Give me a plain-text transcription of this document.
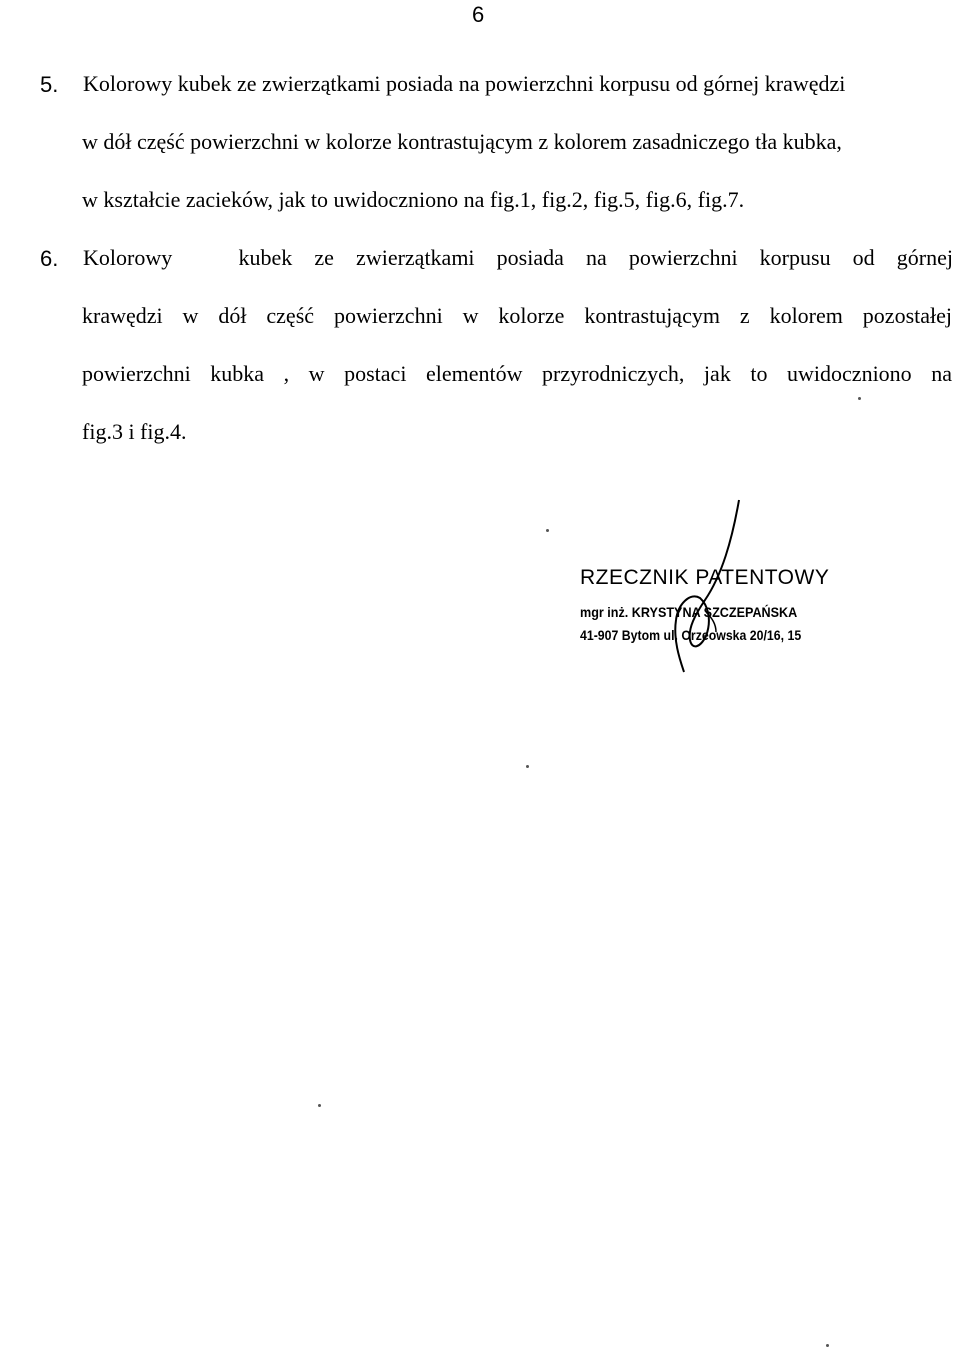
6
5. Kolorowy kubek ze zwierzątkami posiada na powierzchni korpusu od górnej krawędzi
w dół część powierzchni w kolorze kontrastującym z kolorem zasadniczego tła kubka,
w kształcie zacieków, jak to uwidoczniono na fig.1, fig.2, fig.5, fig.6, fig.7.
6. Kolorowy   kubek ze zwierzątkami posiada na powierzchni korpusu od górnej
krawędzi w dół część powierzchni w kolorze kontrastującym z kolorem pozostałej
powierzchni kubka , w postaci elementów przyrodniczych, jak to uwidoczniono na
fig.3 i fig.4.
RZECZNIK PATENTOWY
mgr inż. KRYSTYNA SZCZEPAŃSKA
41-907 Bytom ul. Orzeowska 20/16, 15
